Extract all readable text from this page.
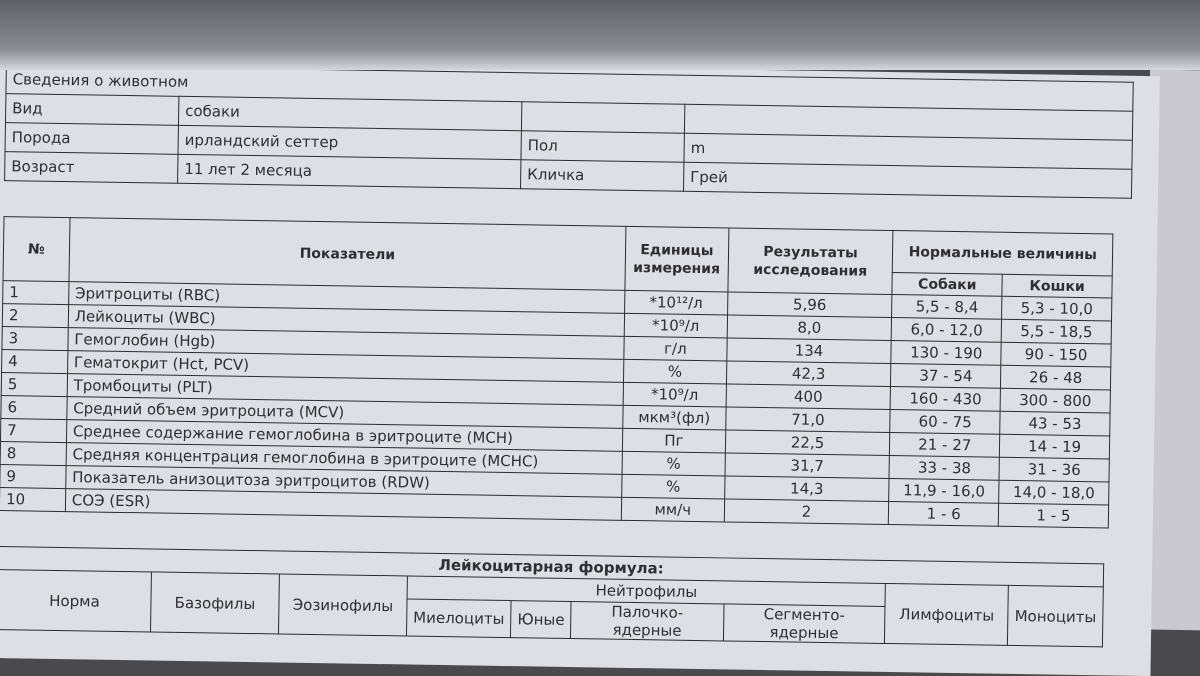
Сведения о животном			
Вид	собаки		
Порода	ирландский сеттер	Пол	m
Возраст	11 лет 2 месяца	Кличка	Грей
№	Показатели	Единицы измерения	Результаты исследования	Нормальные величины	
				Собаки	Кошки
1	Эритроциты (RBC)	*10¹²/л	5,96	5,5 - 8,4	5,3 - 10,0
2	Лейкоциты (WBC)	*10⁹/л	8,0	6,0 - 12,0	5,5 - 18,5
3	Гемоглобин (Hgb)	г/л	134	130 - 190	90 - 150
4	Гематокрит (Hct, PCV)	%	42,3	37 - 54	26 - 48
5	Тромбоциты (PLT)	*10⁹/л	400	160 - 430	300 - 800
6	Средний объем эритроцита (MCV)	мкм³(фл)	71,0	60 - 75	43 - 53
7	Среднее содержание гемоглобина в эритроците (MCH)	Пг	22,5	21 - 27	14 - 19
8	Средняя концентрация гемоглобина в эритроците (MCHC)	%	31,7	33 - 38	31 - 36
9	Показатель анизоцитоза эритроцитов (RDW)	%	14,3	11,9 - 16,0	14,0 - 18,0
10	СОЭ (ESR)	мм/ч	2	1 - 6	1 - 5
Лейкоцитарная формула:								
Норма	Базофилы	Эозинофилы	Нейтрофилы				Лимфоциты	Моноциты
			Миелоциты	Юные	Палочко-ядерные	Сегменто-ядерные		
